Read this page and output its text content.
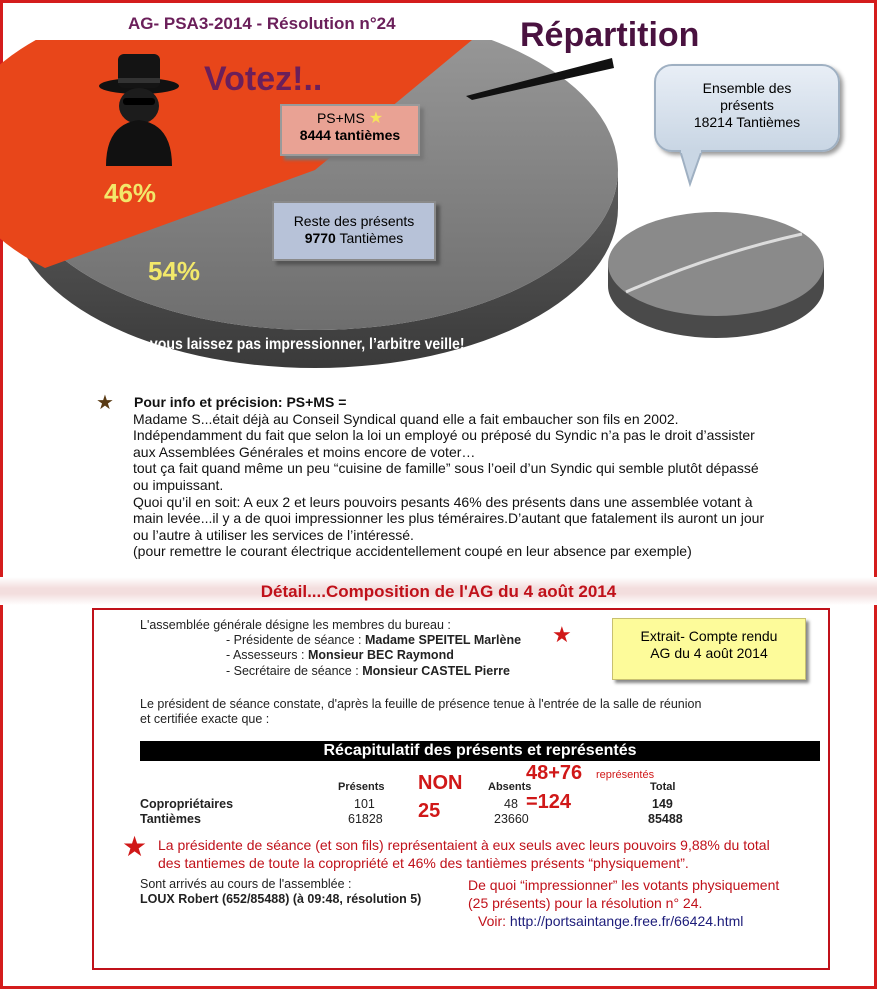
AG- PSA3-2014 - Résolution n°24	Répartition
Votez!..
46%
54%
PS+MS ★
8444 tantièmes
Reste des présents
9770 Tantièmes
Ne vous laissez pas impressionner, l’arbitre veille!
Ensemble des
présents
18214 Tantièmes
★ Pour info et précision: PS+MS =
Madame S...était déjà au Conseil Syndical quand elle a fait embaucher son fils en 2002.
Indépendamment du fait que selon la loi un employé ou préposé du Syndic n’a pas le droit d’assister
aux Assemblées Générales et moins encore de voter…
tout ça fait quand même un peu “cuisine de famille” sous l’oeil d’un Syndic qui semble plutôt dépassé
ou impuissant.
Quoi qu’il en soit: A eux 2 et leurs pouvoirs pesants 46% des présents dans une assemblée votant à
main levée...il y a de quoi impressionner les plus téméraires.D’autant que fatalement ils auront un jour
ou l’autre à utiliser les services de l’intéressé.
(pour remettre le courant électrique accidentellement coupé en leur absence par exemple)
Détail....Composition de l'AG du 4 août 2014
L'assemblée générale désigne les membres du bureau :
- Présidente de séance : Madame SPEITEL Marlène ★
- Assesseurs : Monsieur BEC Raymond
- Secrétaire de séance : Monsieur CASTEL Pierre
Extrait- Compte rendu
AG du 4 août 2014
Le président de séance constate, d'après la feuille de présence tenue à l'entrée de la salle de réunion
et certifiée exacte que :
Récapitulatif des présents et représentés
Présents	Absents	Total
Copropriétaires	101	48	149
Tantièmes	61828	23660	85488
NON
25
48+76 représentés
=124
★ La présidente de séance (et son fils) représentaient à eux seuls avec leurs pouvoirs 9,88% du total
des tantiemes de toute la copropriété et 46% des tantièmes présents “physiquement”.
Sont arrivés au cours de l'assemblée :
LOUX Robert (652/85488) (à 09:48, résolution 5)
De quoi “impressionner” les votants physiquement
(25 présents) pour la résolution n° 24.
Voir: http://portsaintange.free.fr/66424.html
